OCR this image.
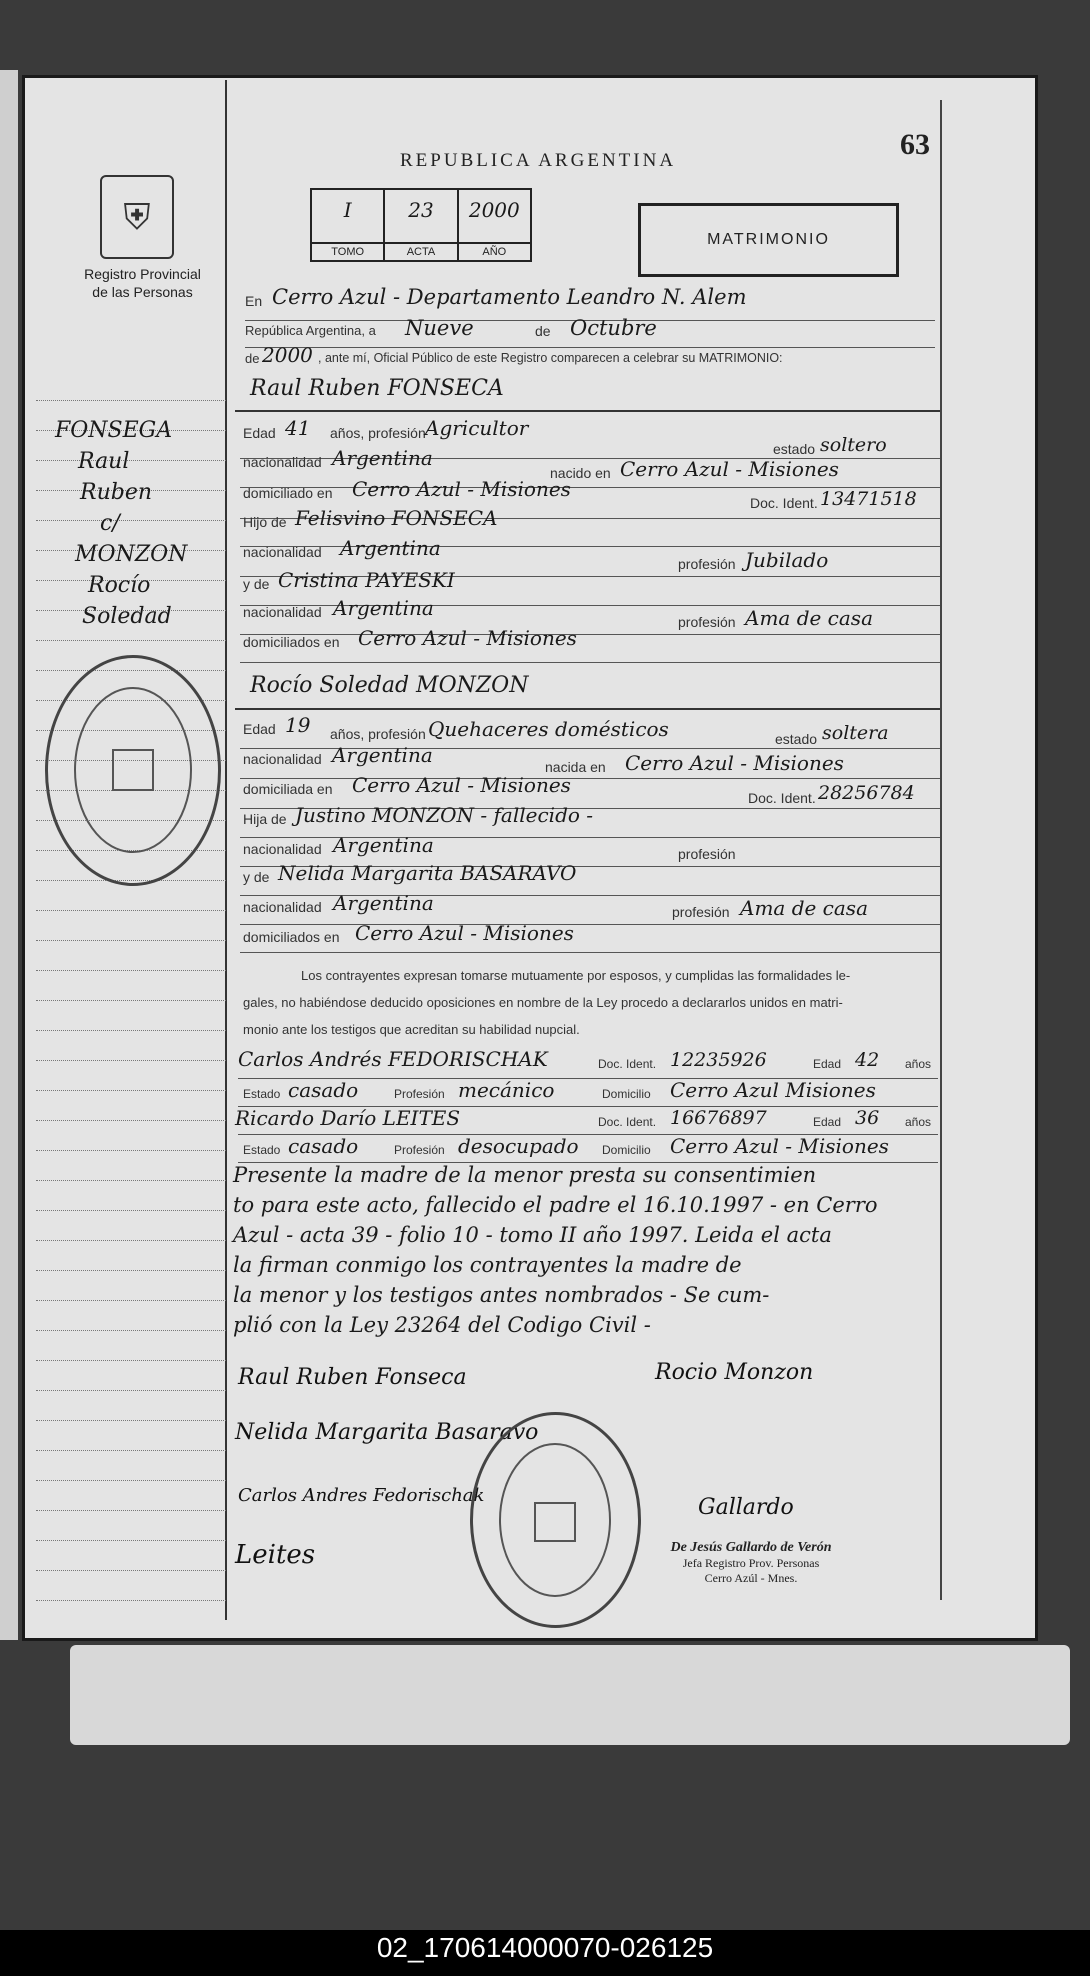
⛨
Registro Provincial
de las Personas
FONSEGA
Raul
Ruben
c/
MONZON
Rocío
Soledad
REPUBLICA ARGENTINA	63
I
TOMO
23
ACTA
2000
AÑO
MATRIMONIO
En Cerro Azul - Departamento Leandro N. Alem
República Argentina, a Nueve	de Octubre
de 2000 , ante mí, Oficial Público de este Registro comparecen a celebrar su MATRIMONIO:
Raul Ruben FONSECA
Edad 41 años, profesión Agricultor
estado soltero
nacionalidad Argentina
nacido en Cerro Azul - Misiones
domiciliado en Cerro Azul - Misiones
Doc. Ident. 13471518
Hijo de Felisvino FONSECA
nacionalidad Argentina
profesión Jubilado
y de Cristina PAYESKI
nacionalidad Argentina
profesión Ama de casa
domiciliados en Cerro Azul - Misiones
Rocío Soledad MONZON
Edad 19 años, profesión Quehaceres domésticos	estado soltera
nacionalidad Argentina	nacida en Cerro Azul - Misiones
domiciliada en Cerro Azul - Misiones
Doc. Ident. 28256784
Hija de Justino MONZON - fallecido -
nacionalidad Argentina	profesión
y de Nelida Margarita BASARAVO
nacionalidad Argentina	profesión Ama de casa
domiciliados en Cerro Azul - Misiones
Los contrayentes expresan tomarse mutuamente por esposos, y cumplidas las formalidades le-
gales, no habiéndose deducido oposiciones en nombre de la Ley procedo a declararlos unidos en matri-
monio ante los testigos que acreditan su habilidad nupcial.
Carlos Andrés FEDORISCHAK	Doc. Ident. 12235926	Edad 42 años
Estado casado	Profesión mecánico	Domicilio Cerro Azul Misiones
Ricardo Darío LEITES	Doc. Ident. 16676897	Edad 36 años
Estado casado	Profesión desocupado Domicilio Cerro Azul - Misiones
Presente la madre de la menor presta su consentimien
to para este acto, fallecido el padre el 16.10.1997 - en Cerro
Azul - acta 39 - folio 10 - tomo II año 1997. Leida el acta
la firman conmigo los contrayentes la madre de
la menor y los testigos antes nombrados - Se cum-
plió con la Ley 23264 del Codigo Civil -
Raul Ruben Fonseca	Rocio Monzon
Nelida Margarita Basaravo
Carlos Andres Fedorischak
Leites
Gallardo
De Jesús Gallardo de Verón
Jefa Registro Prov. Personas
Cerro Azúl - Mnes.
02_170614000070-026125
